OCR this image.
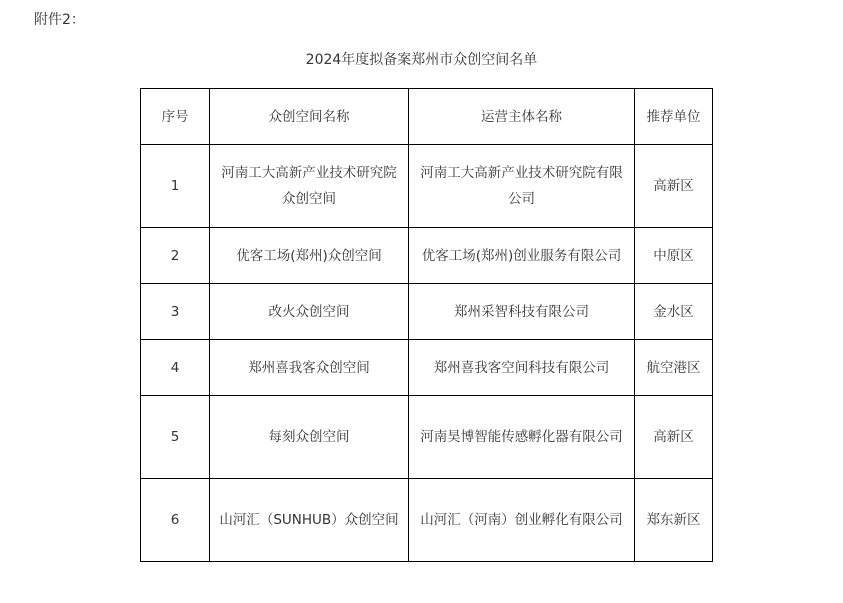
附件2：
2024年度拟备案郑州市众创空间名单
序号	众创空间名称	运营主体名称	推荐单位
1	河南工大高新产业技术研究院众创空间	河南工大高新产业技术研究院有限公司	高新区
2	优客工场(郑州)众创空间	优客工场(郑州)创业服务有限公司	中原区
3	改火众创空间	郑州采智科技有限公司	金水区
4	郑州喜我客众创空间	郑州喜我客空间科技有限公司	航空港区
5	每刻众创空间	河南昊博智能传感孵化器有限公司	高新区
6	山河汇（SUNHUB）众创空间	山河汇（河南）创业孵化有限公司	郑东新区
